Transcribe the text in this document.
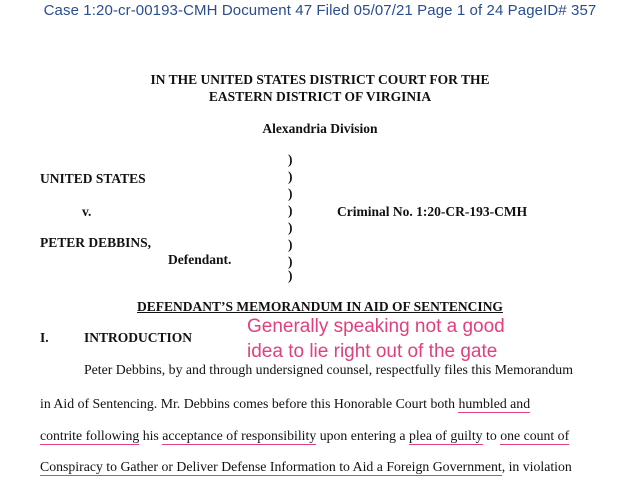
Case 1:20-cr-00193-CMH Document 47 Filed 05/07/21 Page 1 of 24 PageID# 357
IN THE UNITED STATES DISTRICT COURT FOR THE
EASTERN DISTRICT OF VIRGINIA
Alexandria Division
)
)
)
)
)
)
)
)
UNITED STATES
v.	Criminal No. 1:20-CR-193-CMH
PETER DEBBINS,
Defendant.
DEFENDANT’S MEMORANDUM IN AID OF SENTENCING
I.	INTRODUCTION
Generally speaking not a good
idea to lie right out of the gate
Peter Debbins, by and through undersigned counsel, respectfully files this Memorandum
in Aid of Sentencing. Mr. Debbins comes before this Honorable Court both humbled and
contrite following his acceptance of responsibility upon entering a plea of guilty to one count of
Conspiracy to Gather or Deliver Defense Information to Aid a Foreign Government, in violation
